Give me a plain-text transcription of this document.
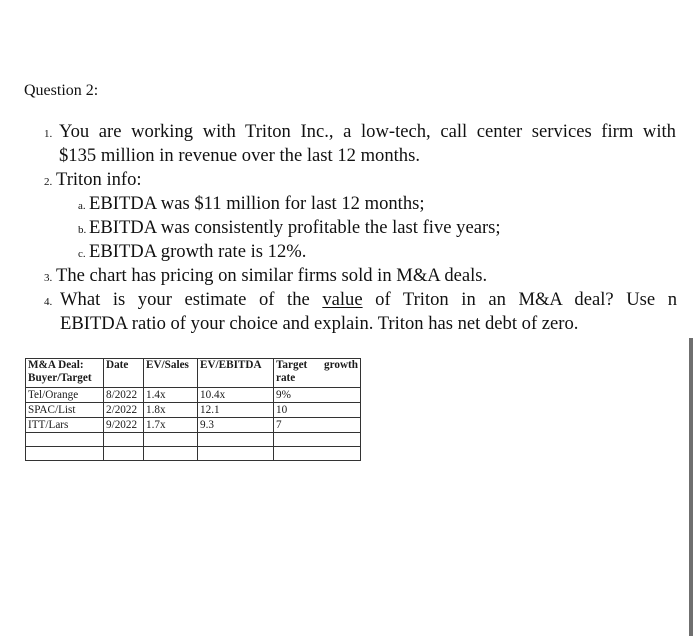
Question 2:
1. You are working with Triton Inc., a low-tech, call center services firm with
$135 million in revenue over the last 12 months.
2. Triton info:
a. EBITDA was $11 million for last 12 months;
b. EBITDA was consistently profitable the last five years;
c. EBITDA growth rate is 12%.
3. The chart has pricing on similar firms sold in M&A deals.
4. What is your estimate of the value of Triton in an M&A deal? Use n
EBITDA ratio of your choice and explain. Triton has net debt of zero.
M&A Deal:
Buyer/Target	Date	EV/Sales	EV/EBITDA	Target growth
rate

Tel/Orange	8/2022	1.4x	10.4x	9%
SPAC/List	2/2022	1.8x	12.1	10
ITT/Lars	9/2022	1.7x	9.3	7
